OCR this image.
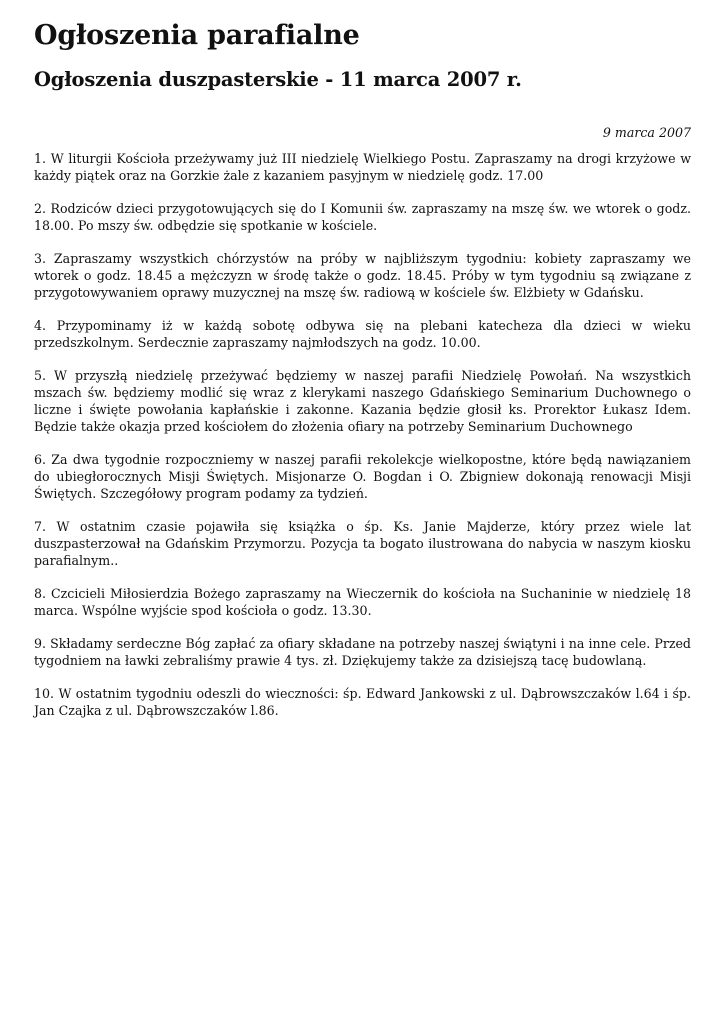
Ogłoszenia parafialne
Ogłoszenia duszpasterskie - 11 marca 2007 r.
9 marca 2007

1. W liturgii Kościoła przeżywamy już III niedzielę Wielkiego Postu. Zapraszamy na drogi krzyżowe w każdy piątek oraz na Gorzkie żale z kazaniem pasyjnym w niedzielę godz. 17.00

2. Rodziców dzieci przygotowujących się do I Komunii św. zapraszamy na mszę św. we wtorek o godz. 18.00. Po mszy św. odbędzie się spotkanie w kościele.

3. Zapraszamy wszystkich chórzystów na próby w najbliższym tygodniu: kobiety zapraszamy we wtorek o godz. 18.45 a mężczyzn w środę także o godz. 18.45. Próby w tym tygodniu są związane z przygotowywaniem oprawy muzycznej na mszę św. radiową w kościele św. Elżbiety w Gdańsku.

4. Przypominamy iż w każdą sobotę odbywa się na plebani katecheza dla dzieci w wieku przedszkolnym. Serdecznie zapraszamy najmłodszych na godz. 10.00.

5. W przyszłą niedzielę przeżywać będziemy w naszej parafii Niedzielę Powołań. Na wszystkich mszach św. będziemy modlić się wraz z klerykami naszego Gdańskiego Seminarium Duchownego o liczne i święte powołania kapłańskie i zakonne. Kazania będzie głosił ks. Prorektor Łukasz Idem. Będzie także okazja przed kościołem do złożenia ofiary na potrzeby Seminarium Duchownego

6. Za dwa tygodnie rozpoczniemy w naszej parafii rekolekcje wielkopostne, które będą nawiązaniem do ubiegłorocznych Misji Świętych. Misjonarze O. Bogdan i O. Zbigniew dokonają renowacji Misji Świętych. Szczegółowy program podamy za tydzień.

7. W ostatnim czasie pojawiła się książka o śp. Ks. Janie Majderze, który przez wiele lat duszpasterzował na Gdańskim Przymorzu. Pozycja ta bogato ilustrowana do nabycia w naszym kiosku parafialnym..

8. Czcicieli Miłosierdzia Bożego zapraszamy na Wieczernik do kościoła na Suchaninie w niedzielę 18 marca. Wspólne wyjście spod kościoła o godz. 13.30.

9. Składamy serdeczne Bóg zapłać za ofiary składane na potrzeby naszej świątyni i na inne cele. Przed tygodniem na ławki zebraliśmy prawie 4 tys. zł. Dziękujemy także za dzisiejszą tacę budowlaną.

10. W ostatnim tygodniu odeszli do wieczności: śp. Edward Jankowski z ul. Dąbrowszczaków l.64 i śp. Jan Czajka z ul. Dąbrowszczaków l.86.
